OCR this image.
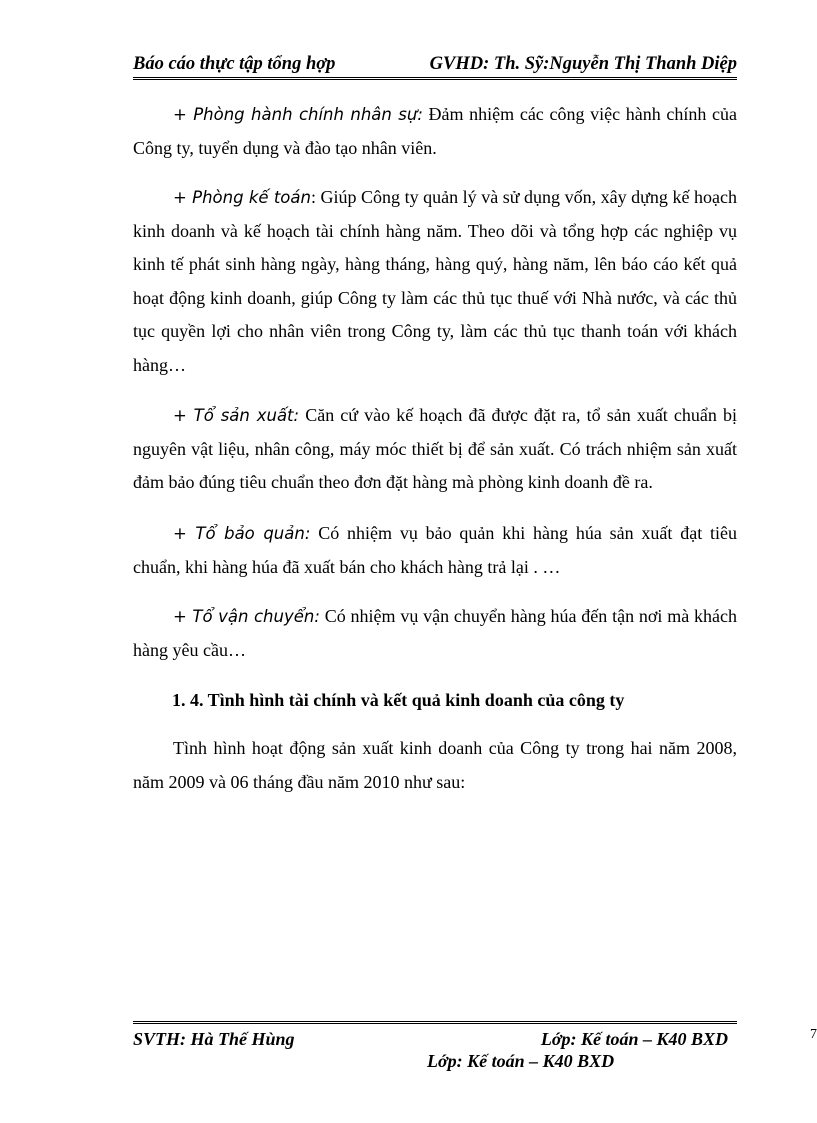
Báo cáo thực tập tổng hợp	GVHD: Th. Sỹ:Nguyễn Thị Thanh Diệp

+ Phòng hành chính nhân sự: Đảm nhiệm các công việc hành chính của Công ty, tuyển dụng và đào tạo nhân viên.

+ Phòng kế toán: Giúp Công ty quản lý và sử dụng vốn, xây dựng kế hoạch kinh doanh và kế hoạch tài chính hàng năm. Theo dõi và tổng hợp các nghiệp vụ kinh tế phát sinh hàng ngày, hàng tháng, hàng quý, hàng năm, lên báo cáo kết quả hoạt động kinh doanh, giúp Công ty làm các thủ tục thuế với Nhà nước, và các thủ tục quyền lợi cho nhân viên trong Công ty, làm các thủ tục thanh toán với khách hàng…

+ Tổ sản xuất: Căn cứ vào kế hoạch đã được đặt ra, tổ sản xuất chuẩn bị nguyên vật liệu, nhân công, máy móc thiết bị để sản xuất. Có trách nhiệm sản xuất đảm bảo đúng tiêu chuẩn theo đơn đặt hàng mà phòng kinh doanh đề ra.

+ Tổ bảo quản: Có nhiệm vụ bảo quản khi hàng húa sản xuất đạt tiêu chuẩn, khi hàng húa đã xuất bán cho khách hàng trả lại . …

+ Tổ vận chuyển: Có nhiệm vụ vận chuyển hàng húa đến tận nơi mà khách hàng yêu cầu…

1. 4. Tình hình tài chính và kết quả kinh doanh của công ty

Tình hình hoạt động sản xuất kinh doanh của Công ty trong hai năm 2008, năm 2009 và 06 tháng đầu năm 2010 như sau:

SVTH: Hà Thế Hùng	Lớp: Kế toán – K40 BXD
Lớp: Kế toán – K40 BXD
7
